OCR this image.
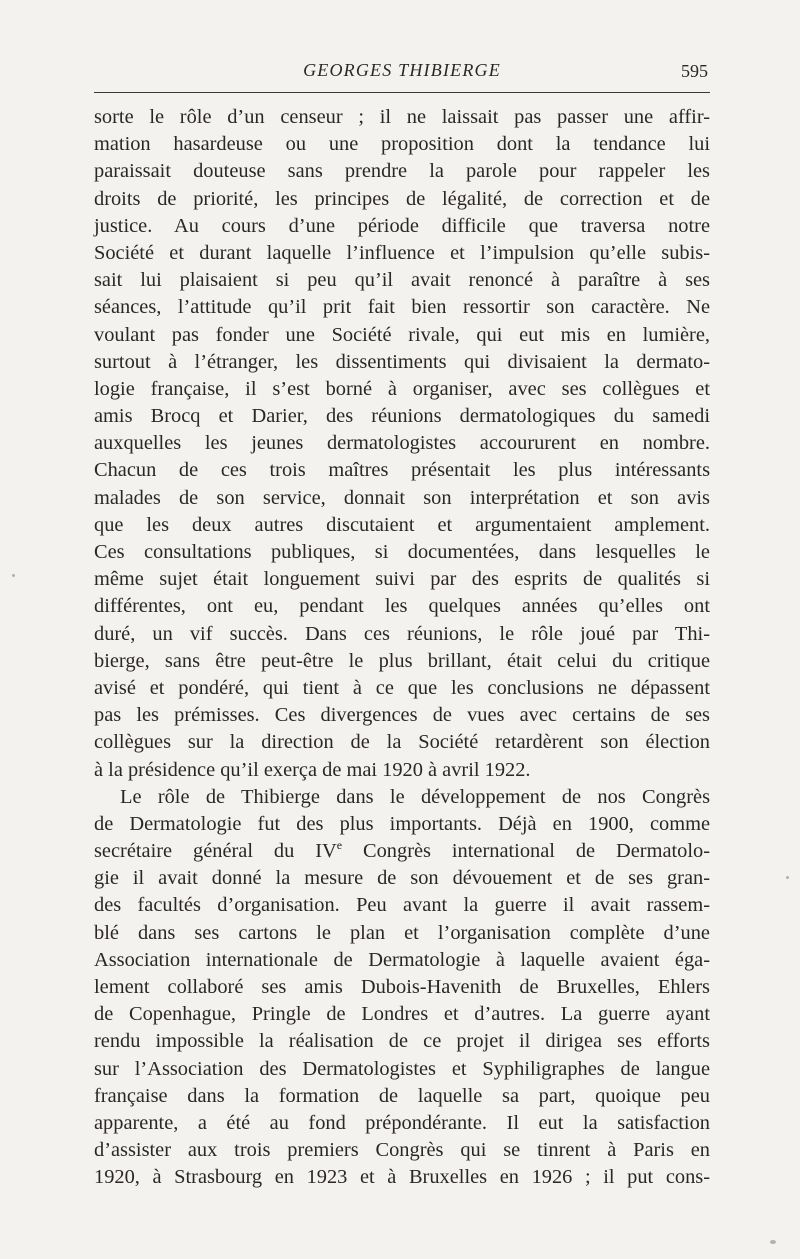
GEORGES THIBIERGE	595
sorte le rôle d’un censeur ; il ne laissait pas passer une affir-
mation hasardeuse ou une proposition dont la tendance lui
paraissait douteuse sans prendre la parole pour rappeler les
droits de priorité, les principes de légalité, de correction et de
justice. Au cours d’une période difficile que traversa notre
Société et durant laquelle l’influence et l’impulsion qu’elle subis-
sait lui plaisaient si peu qu’il avait renoncé à paraître à ses
séances, l’attitude qu’il prit fait bien ressortir son caractère. Ne
voulant pas fonder une Société rivale, qui eut mis en lumière,
surtout à l’étranger, les dissentiments qui divisaient la dermato-
logie française, il s’est borné à organiser, avec ses collègues et
amis Brocq et Darier, des réunions dermatologiques du samedi
auxquelles les jeunes dermatologistes accoururent en nombre.
Chacun de ces trois maîtres présentait les plus intéressants
malades de son service, donnait son interprétation et son avis
que les deux autres discutaient et argumentaient amplement.
Ces consultations publiques, si documentées, dans lesquelles le
même sujet était longuement suivi par des esprits de qualités si
différentes, ont eu, pendant les quelques années qu’elles ont
duré, un vif succès. Dans ces réunions, le rôle joué par Thi-
bierge, sans être peut-être le plus brillant, était celui du critique
avisé et pondéré, qui tient à ce que les conclusions ne dépassent
pas les prémisses. Ces divergences de vues avec certains de ses
collègues sur la direction de la Société retardèrent son élection
à la présidence qu’il exerça de mai 1920 à avril 1922.
Le rôle de Thibierge dans le développement de nos Congrès
de Dermatologie fut des plus importants. Déjà en 1900, comme
secrétaire général du IVe Congrès international de Dermatolo-
gie il avait donné la mesure de son dévouement et de ses gran-
des facultés d’organisation. Peu avant la guerre il avait rassem-
blé dans ses cartons le plan et l’organisation complète d’une
Association internationale de Dermatologie à laquelle avaient éga-
lement collaboré ses amis Dubois-Havenith de Bruxelles, Ehlers
de Copenhague, Pringle de Londres et d’autres. La guerre ayant
rendu impossible la réalisation de ce projet il dirigea ses efforts
sur l’Association des Dermatologistes et Syphiligraphes de langue
française dans la formation de laquelle sa part, quoique peu
apparente, a été au fond prépondérante. Il eut la satisfaction
d’assister aux trois premiers Congrès qui se tinrent à Paris en
1920, à Strasbourg en 1923 et à Bruxelles en 1926 ; il put cons-
